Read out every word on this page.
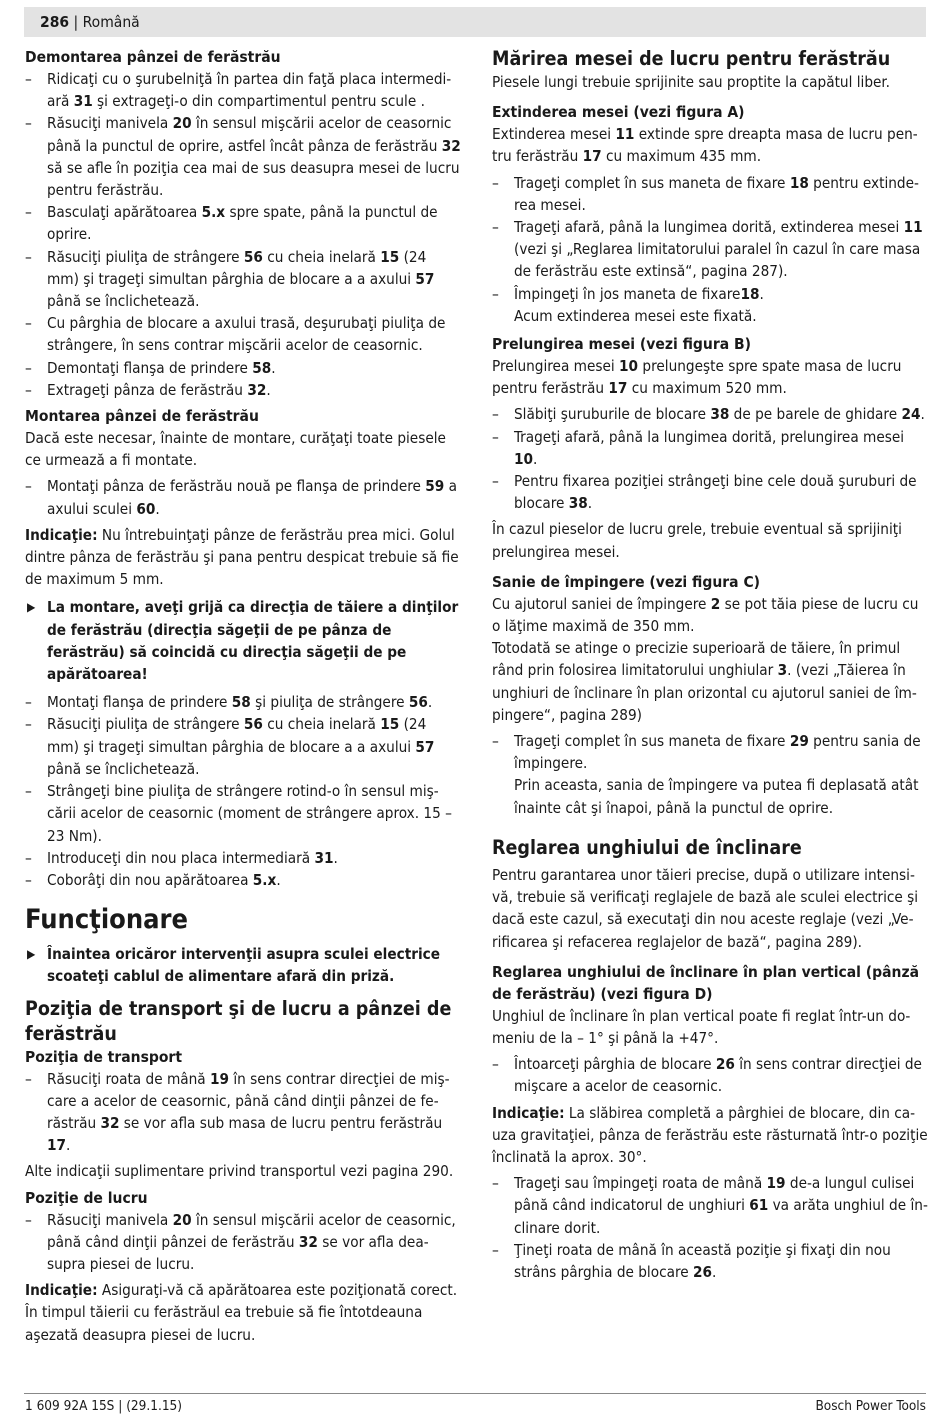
286 | Română

Demontarea pânzei de ferăstrău

– Ridicaţi cu o şurubelniţă în partea din faţă placa intermediară 31 şi extrageţi-o din compartimentul pentru scule .

– Răsuciţi manivela 20 în sensul mişcării acelor de ceasornic până la punctul de oprire, astfel încât pânza de ferăstrău 32 să se afle în poziţia cea mai de sus deasupra mesei de lucru pentru ferăstrău.

– Basculaţi apărătoarea 5.x spre spate, până la punctul de oprire.

– Răsuciţi piuliţa de strângere 56 cu cheia inelară 15 (24 mm) şi trageţi simultan pârghia de blocare a a axului 57 până se înclichetează.

– Cu pârghia de blocare a axului trasă, deşurubaţi piuliţa de strângere, în sens contrar mişcării acelor de ceasornic.

– Demontaţi flanşa de prindere 58.

– Extrageţi pânza de ferăstrău 32.

Montarea pânzei de ferăstrău

Dacă este necesar, înainte de montare, curăţaţi toate piesele ce urmează a fi montate.

– Montaţi pânza de ferăstrău nouă pe flanşa de prindere 59 a axului sculei 60.

Indicaţie: Nu întrebuinţaţi pânze de ferăstrău prea mici. Golul dintre pânza de ferăstrău şi pana pentru despicat trebuie să fie de maximum 5 mm.

▶ La montare, aveţi grijă ca direcţia de tăiere a dinţilor de ferăstrău (direcţia săgeţii de pe pânza de ferăstrău) să coincidă cu direcţia săgeţii de pe apărătoarea!

– Montaţi flanşa de prindere 58 şi piuliţa de strângere 56.

– Răsuciţi piuliţa de strângere 56 cu cheia inelară 15 (24 mm) şi trageţi simultan pârghia de blocare a a axului 57 până se înclichetează.

– Strângeţi bine piuliţa de strângere rotind-o în sensul mişcării acelor de ceasornic (moment de strângere aprox. 15 – 23 Nm).

– Introduceţi din nou placa intermediară 31.

– Coborâţi din nou apărătoarea 5.x.

Funcţionare

▶ Înaintea oricăror intervenţii asupra sculei electrice scoateţi cablul de alimentare afară din priză.

Poziţia de transport şi de lucru a pânzei de ferăstrău

Poziţia de transport

– Răsuciţi roata de mână 19 în sens contrar direcţiei de mişcare a acelor de ceasornic, până când dinţii pânzei de ferăstrău 32 se vor afla sub masa de lucru pentru ferăstrău 17.

Alte indicaţii suplimentare privind transportul vezi pagina 290.

Poziţie de lucru

– Răsuciţi manivela 20 în sensul mişcării acelor de ceasornic, până când dinţii pânzei de ferăstrău 32 se vor afla deasupra piesei de lucru.

Indicaţie: Asiguraţi-vă că apărătoarea este poziţionată corect. În timpul tăierii cu ferăstrăul ea trebuie să fie întotdeauna aşezată deasupra piesei de lucru.

Mărirea mesei de lucru pentru ferăstrău

Piesele lungi trebuie sprijinite sau proptite la capătul liber.

Extinderea mesei (vezi figura A)

Extinderea mesei 11 extinde spre dreapta masa de lucru pentru ferăstrău 17 cu maximum 435 mm.

– Trageţi complet în sus maneta de fixare 18 pentru extinderea mesei.

– Trageţi afară, până la lungimea dorită, extinderea mesei 11 (vezi şi „Reglarea limitatorului paralel în cazul în care masa de ferăstrău este extinsă“, pagina 287).

– Împingeţi în jos maneta de fixare18.
Acum extinderea mesei este fixată.

Prelungirea mesei (vezi figura B)

Prelungirea mesei 10 prelungeşte spre spate masa de lucru pentru ferăstrău 17 cu maximum 520 mm.

– Slăbiţi şuruburile de blocare 38 de pe barele de ghidare 24.

– Trageţi afară, până la lungimea dorită, prelungirea mesei 10.

– Pentru fixarea poziţiei strângeţi bine cele două şuruburi de blocare 38.

În cazul pieselor de lucru grele, trebuie eventual să sprijiniţi prelungirea mesei.

Sanie de împingere (vezi figura C)

Cu ajutorul saniei de împingere 2 se pot tăia piese de lucru cu o lăţime maximă de 350 mm.

Totodată se atinge o precizie superioară de tăiere, în primul rând prin folosirea limitatorului unghiular 3. (vezi „Tăierea în unghiuri de înclinare în plan orizontal cu ajutorul saniei de împingere“, pagina 289)

– Trageţi complet în sus maneta de fixare 29 pentru sania de împingere.

Prin aceasta, sania de împingere va putea fi deplasată atât înainte cât şi înapoi, până la punctul de oprire.

Reglarea unghiului de înclinare

Pentru garantarea unor tăieri precise, după o utilizare intensivă, trebuie să verificaţi reglajele de bază ale sculei electrice şi dacă este cazul, să executaţi din nou aceste reglaje (vezi „Verificarea şi refacerea reglajelor de bază“, pagina 289).

Reglarea unghiului de înclinare în plan vertical (pânză de ferăstrău) (vezi figura D)

Unghiul de înclinare în plan vertical poate fi reglat într-un domeniu de la – 1° şi până la +47°.

– Întoarceţi pârghia de blocare 26 în sens contrar direcţiei de mişcare a acelor de ceasornic.

Indicaţie: La slăbirea completă a pârghiei de blocare, din cauza gravitaţiei, pânza de ferăstrău este răsturnată într-o poziţie înclinată la aprox. 30°.

– Trageţi sau împingeţi roata de mână 19 de-a lungul culisei până când indicatorul de unghiuri 61 va arăta unghiul de înclinare dorit.

– Ţineţi roata de mână în această poziţie şi fixaţi din nou strâns pârghia de blocare 26.

1 609 92A 15S | (29.1.15)	Bosch Power Tools
